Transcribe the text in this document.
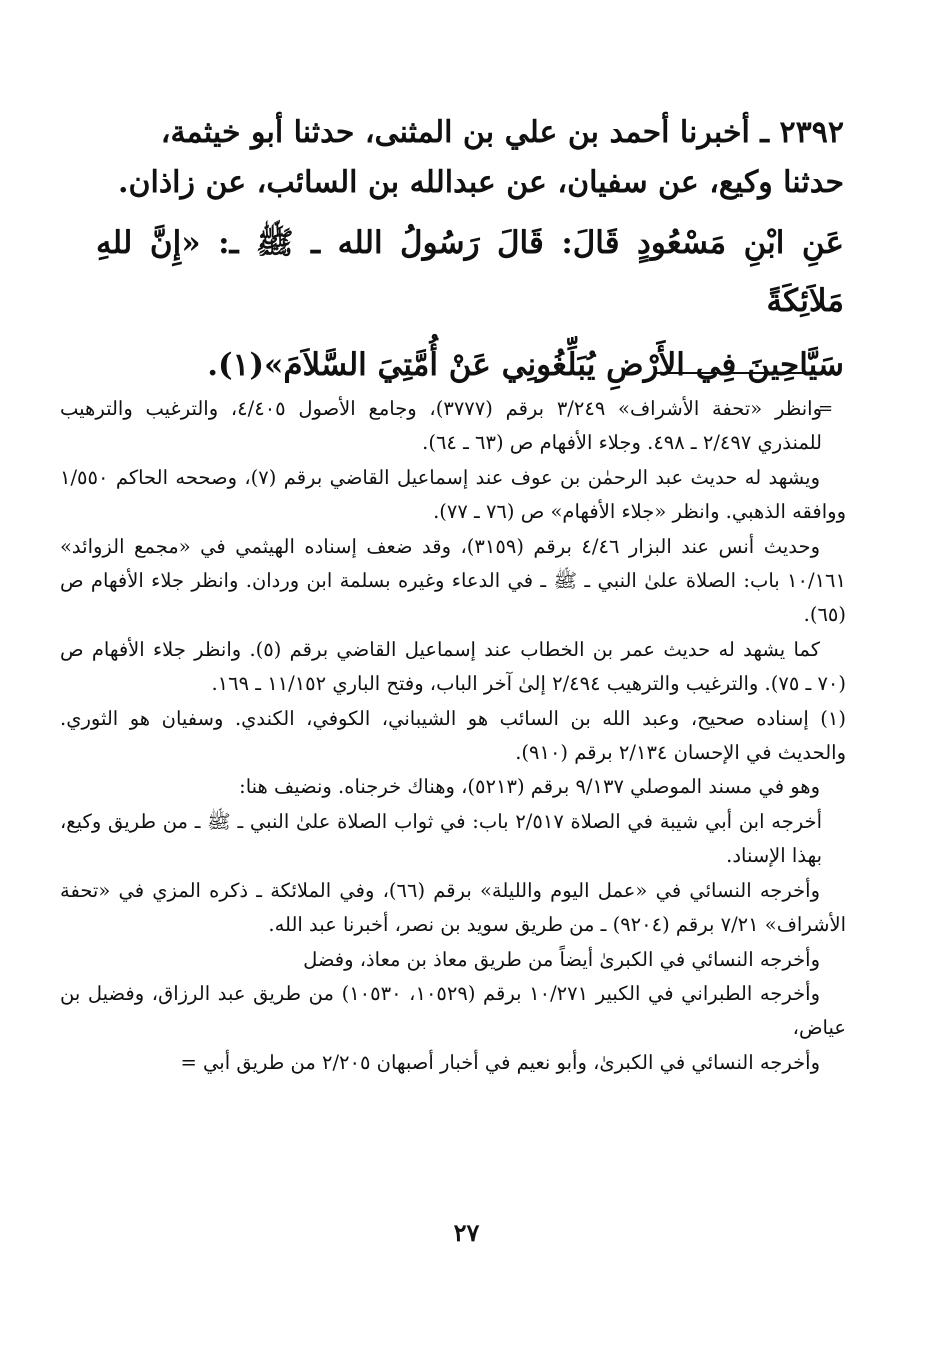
٢٣٩٢ ـ أخبرنا أحمد بن علي بن المثنى، حدثنا أبو خيثمة،

حدثنا وكيع، عن سفيان، عن عبدالله بن السائب، عن زاذان.

عَنِ ابْنِ مَسْعُودٍ قَالَ: قَالَ رَسُولُ الله ـ ﷺ ـ: «إِنَّ للهِ مَلاَئِكَةً

سَيَّاحِينَ فِي الأَرْضِ يُبَلِّغُونِي عَنْ أُمَّتِيَ السَّلاَمَ»(١).

=

وانظر «تحفة الأشراف» ٣/٢٤٩ برقم (٣٧٧٧)، وجامع الأصول ٤/٤٠٥، والترغيب والترهيب للمنذري ٢/٤٩٧ ـ ٤٩٨. وجلاء الأفهام ص (٦٣ ـ ٦٤).

ويشهد له حديث عبد الرحمٰن بن عوف عند إسماعيل القاضي برقم (٧)، وصححه الحاكم ١/٥٥٠ ووافقه الذهبي. وانظر «جلاء الأفهام» ص (٧٦ ـ ٧٧).

وحديث أنس عند البزار ٤/٤٦ برقم (٣١٥٩)، وقد ضعف إسناده الهيثمي في «مجمع الزوائد» ١٠/١٦١ باب: الصلاة علىٰ النبي ـ ﷺ ـ في الدعاء وغيره بسلمة ابن وردان. وانظر جلاء الأفهام ص (٦٥).

كما يشهد له حديث عمر بن الخطاب عند إسماعيل القاضي برقم (٥). وانظر جلاء الأفهام ص (٧٠ ـ ٧٥). والترغيب والترهيب ٢/٤٩٤ إلىٰ آخر الباب، وفتح الباري ١١/١٥٢ ـ ١٦٩.

(١) إسناده صحيح، وعبد الله بن السائب هو الشيباني، الكوفي، الكندي. وسفيان هو الثوري. والحديث في الإحسان ٢/١٣٤ برقم (٩١٠).

وهو في مسند الموصلي ٩/١٣٧ برقم (٥٢١٣)، وهناك خرجناه. ونضيف هنا:

أخرجه ابن أبي شيبة في الصلاة ٢/٥١٧ باب: في ثواب الصلاة علىٰ النبي ـ ﷺ ـ من طريق وكيع، بهذا الإسناد.

وأخرجه النسائي في «عمل اليوم والليلة» برقم (٦٦)، وفي الملائكة ـ ذكره المزي في «تحفة الأشراف» ٧/٢١ برقم (٩٢٠٤) ـ من طريق سويد بن نصر، أخبرنا عبد الله.

وأخرجه النسائي في الكبرىٰ أيضاً من طريق معاذ بن معاذ، وفضل

وأخرجه الطبراني في الكبير ١٠/٢٧١ برقم (١٠٥٢٩، ١٠٥٣٠) من طريق عبد الرزاق، وفضيل بن عياض،

وأخرجه النسائي في الكبرىٰ، وأبو نعيم في أخبار أصبهان ٢/٢٠٥ من طريق أبي =

٢٧
